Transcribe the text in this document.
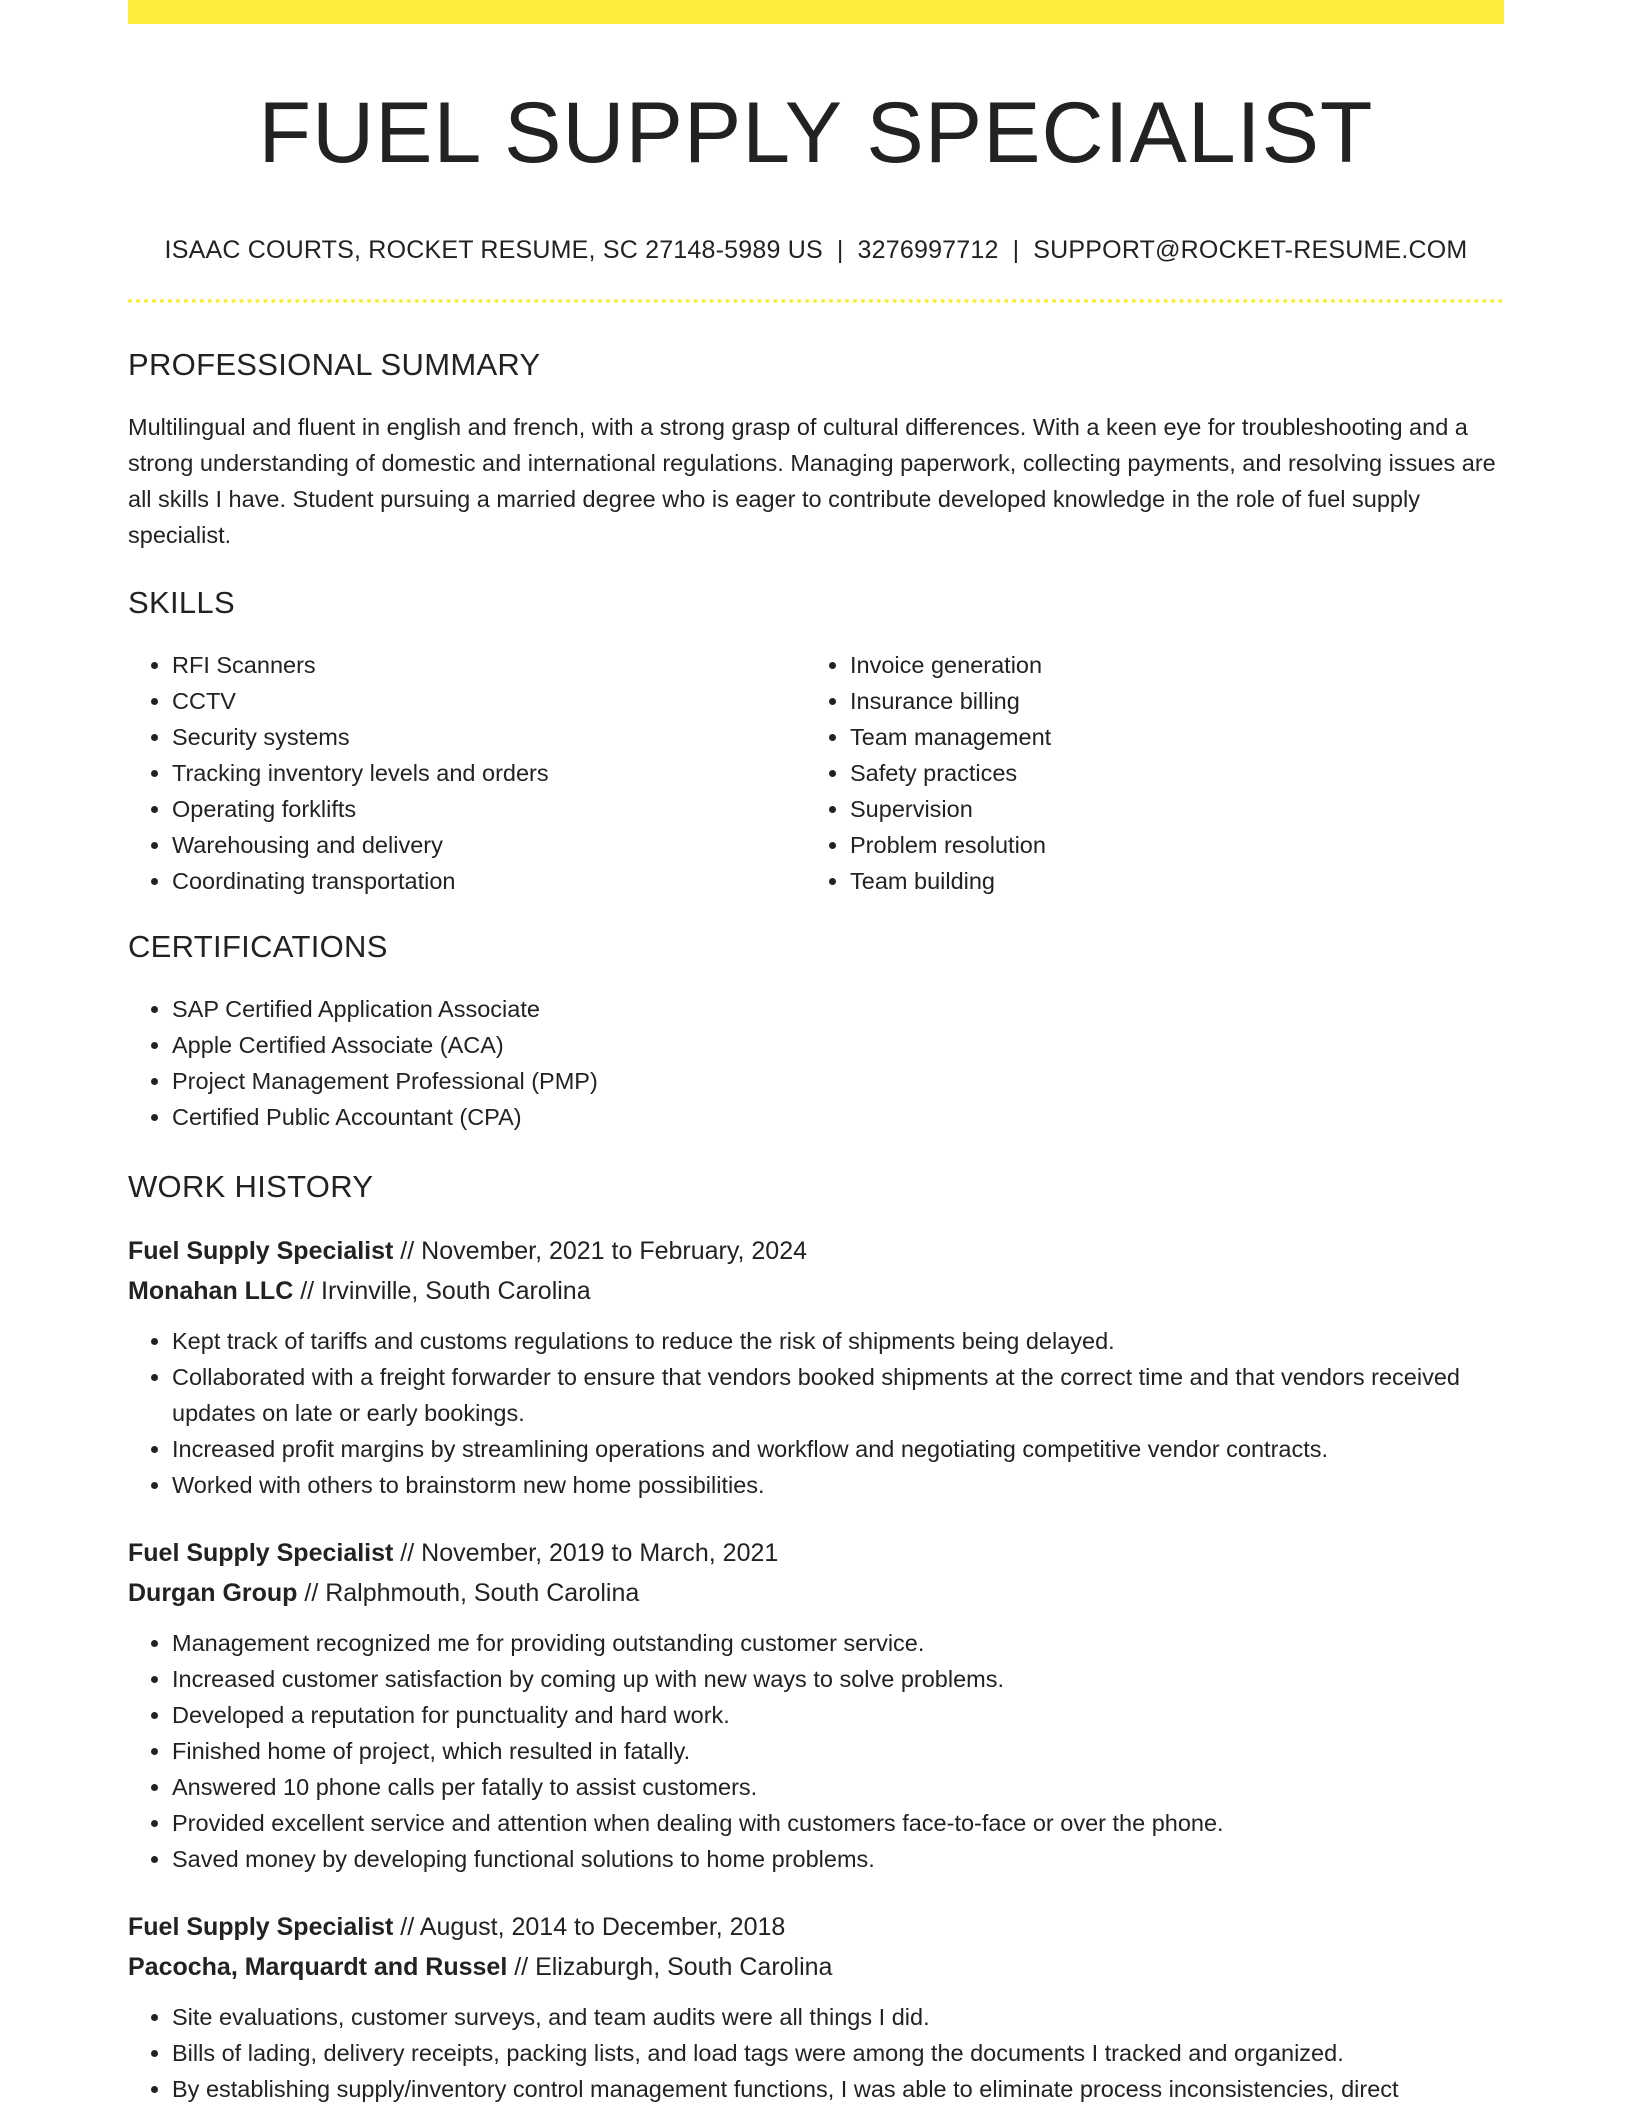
FUEL SUPPLY SPECIALIST
ISAAC COURTS, ROCKET RESUME, SC 27148-5989 US | 3276997712 | SUPPORT@ROCKET-RESUME.COM
PROFESSIONAL SUMMARY

Multilingual and fluent in english and french, with a strong grasp of cultural differences. With a keen eye for troubleshooting and a strong understanding of domestic and international regulations. Managing paperwork, collecting payments, and resolving issues are all skills I have. Student pursuing a married degree who is eager to contribute developed knowledge in the role of fuel supply specialist.

SKILLS
• RFI Scanners
• CCTV
• Security systems
• Tracking inventory levels and orders
• Operating forklifts
• Warehousing and delivery
• Coordinating transportation
• Invoice generation
• Insurance billing
• Team management
• Safety practices
• Supervision
• Problem resolution
• Team building
CERTIFICATIONS
• SAP Certified Application Associate
• Apple Certified Associate (ACA)
• Project Management Professional (PMP)
• Certified Public Accountant (CPA)
WORK HISTORY
Fuel Supply Specialist // November, 2021 to February, 2024
Monahan LLC // Irvinville, South Carolina
• Kept track of tariffs and customs regulations to reduce the risk of shipments being delayed.
• Collaborated with a freight forwarder to ensure that vendors booked shipments at the correct time and that vendors received updates on late or early bookings.
• Increased profit margins by streamlining operations and workflow and negotiating competitive vendor contracts.
• Worked with others to brainstorm new home possibilities.
Fuel Supply Specialist // November, 2019 to March, 2021
Durgan Group // Ralphmouth, South Carolina
• Management recognized me for providing outstanding customer service.
• Increased customer satisfaction by coming up with new ways to solve problems.
• Developed a reputation for punctuality and hard work.
• Finished home of project, which resulted in fatally.
• Answered 10 phone calls per fatally to assist customers.
• Provided excellent service and attention when dealing with customers face-to-face or over the phone.
• Saved money by developing functional solutions to home problems.
Fuel Supply Specialist // August, 2014 to December, 2018
Pacocha, Marquardt and Russel // Elizaburgh, South Carolina
• Site evaluations, customer surveys, and team audits were all things I did.
• Bills of lading, delivery receipts, packing lists, and load tags were among the documents I tracked and organized.
• By establishing supply/inventory control management functions, I was able to eliminate process inconsistencies, direct
